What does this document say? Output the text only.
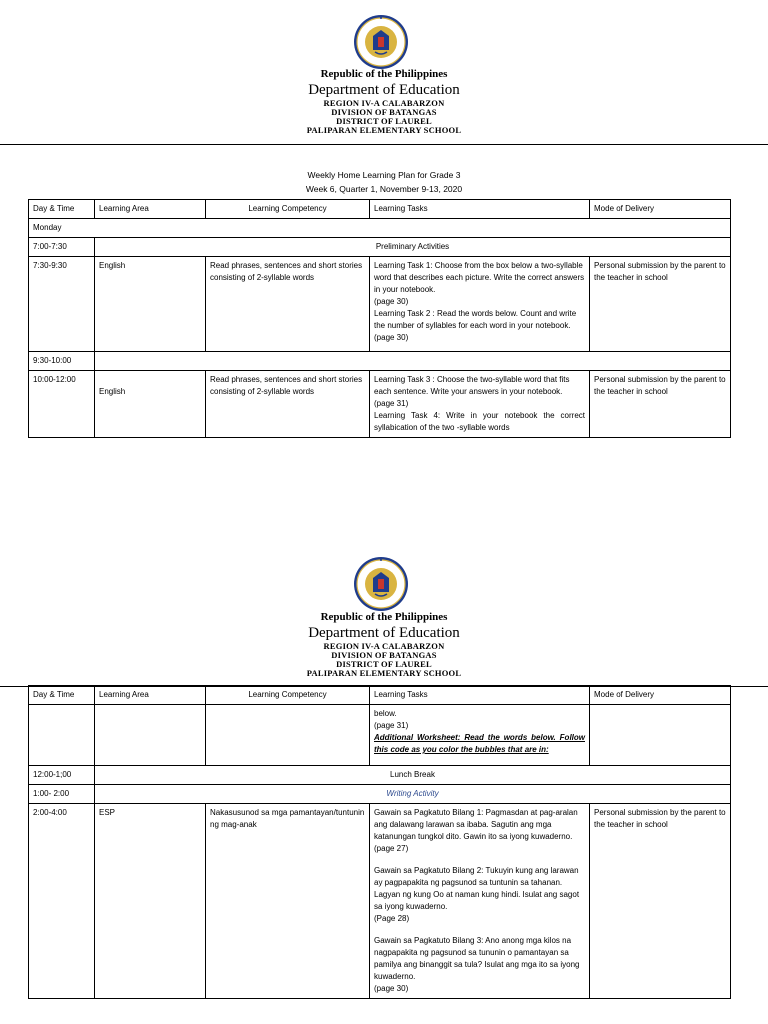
Republic of the Philippines
Department of Education
REGION IV-A CALABARZON
DIVISION OF BATANGAS
DISTRICT OF LAUREL
PALIPARAN ELEMENTARY SCHOOL
Weekly Home Learning Plan for Grade 3
Week 6, Quarter 1, November 9-13, 2020
Day & Time	Learning Area	Learning Competency	Learning Tasks	Mode of Delivery
Monday				
7:00-7:30	Preliminary Activities			
7:30-9:30	English	Read phrases, sentences and short stories consisting of 2-syllable words	Learning Task 1: Choose from the box below a two-syllable word that describes each picture. Write the correct answers in your notebook.
(page 30)
Learning Task 2 : Read the words below. Count and write the number of syllables for each word in your notebook.
(page 30)	Personal submission by the parent to the teacher in school
9:30-10:00				
10:00-12:00	English	Read phrases, sentences and short stories consisting of 2-syllable words	Learning Task 3 : Choose the two-syllable word that fits each sentence. Write your answers in your notebook.
(page 31)
Learning Task 4: Write in your notebook the correct syllabication of the two -syllable words	Personal submission by the parent to the teacher in school
Republic of the Philippines
Department of Education
REGION IV-A CALABARZON
DIVISION OF BATANGAS
DISTRICT OF LAUREL
PALIPARAN ELEMENTARY SCHOOL
Day & Time	Learning Area	Learning Competency	Learning Tasks	Mode of Delivery

			below.
(page 31)
Additional Worksheet: Read the words below. Follow this code as you color the bubbles that are in:	

12:00-1;00	Lunch Break			
1:00- 2:00	Writing Activity			
2:00-4:00	ESP	Nakasusunod sa mga pamantayan/tuntunin ng mag-anak	Gawain sa Pagkatuto Bilang 1: Pagmasdan at pag-aralan ang dalawang larawan sa ibaba. Sagutin ang mga katanungan tungkol dito. Gawin ito sa iyong kuwaderno.(page 27)
Gawain sa Pagkatuto Bilang 2: Tukuyin kung ang larawan ay pagpapakita ng pagsunod sa tuntunin sa tahanan. Lagyan ng kung Oo at naman kung hindi. Isulat ang sagot sa iyong kuwaderno.
(Page 28)
Gawain sa Pagkatuto Bilang 3: Ano anong mga kilos na nagpapakita ng pagsunod sa tununin o pamantayan sa pamilya ang binanggit sa tula? Isulat ang mga ito sa iyong kuwaderno.
(page 30)	Personal submission by the parent to the teacher in school
